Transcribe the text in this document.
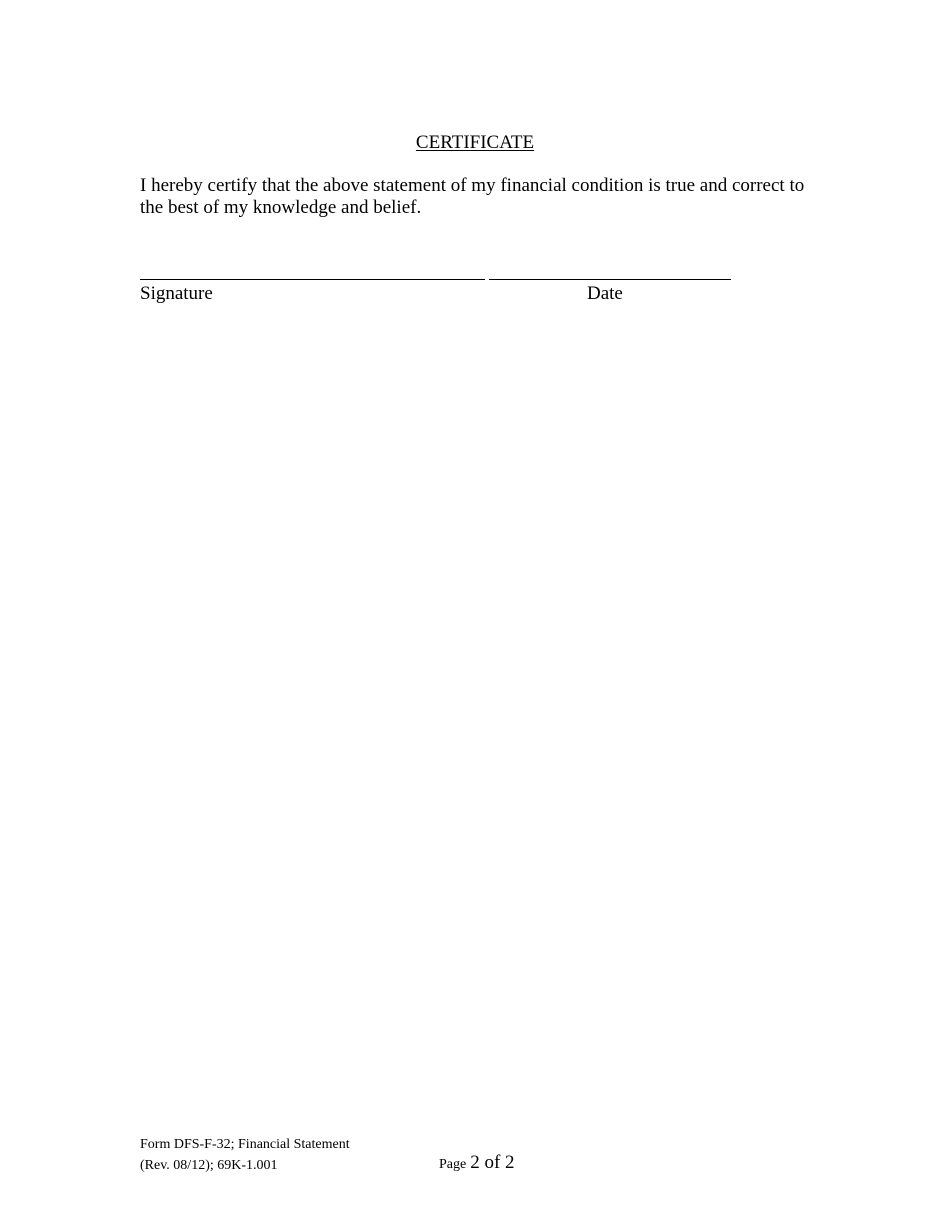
CERTIFICATE

I hereby certify that the above statement of my financial condition is true and correct to the best of my knowledge and belief.

Signature	Date
Form DFS-F-32; Financial Statement
(Rev. 08/12); 69K-1.001	Page 2 of 2
